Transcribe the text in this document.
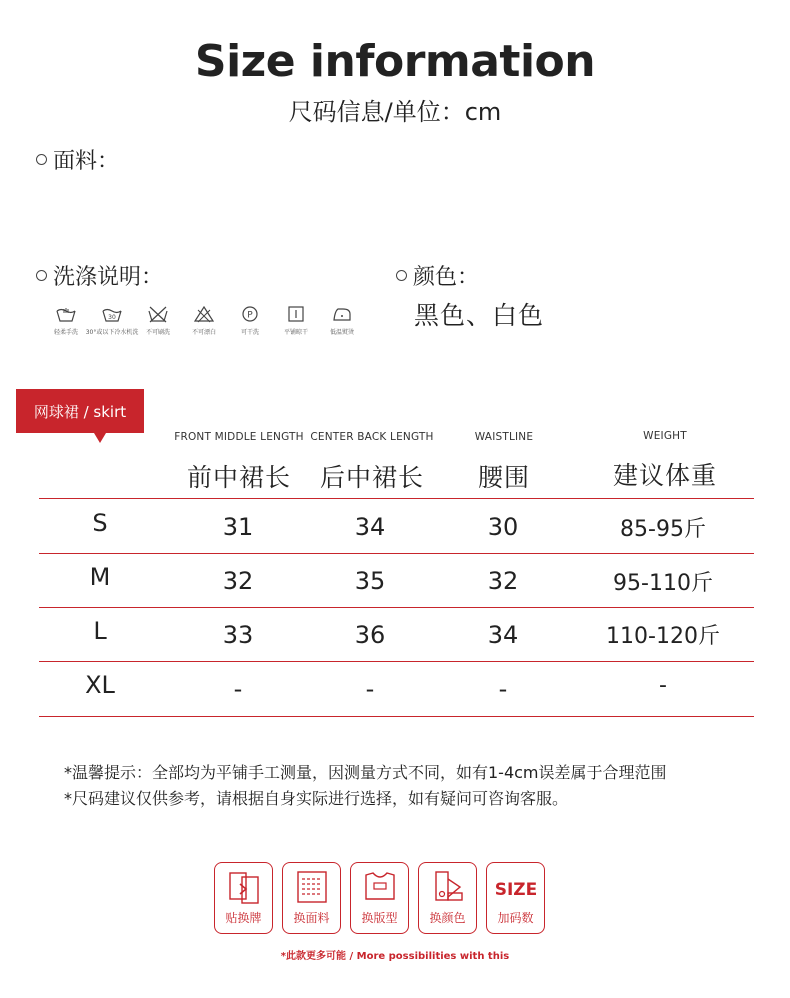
Size information
尺码信息/单位：cm
面料：
洗涤说明：
轻柔手洗
30
30°或以下冷水机洗 不可刷洗	不可漂白
P
可干洗	平铺晾干	低温熨烫
颜色：
黑色、白色
网球裙 / skirt
FRONT MIDDLE LENGTH
前中裙长
CENTER BACK LENGTH
后中裙长
WAISTLINE
腰围
WEIGHT
建议体重
S	31	34	30	85-95斤
M	32	35	32	95-110斤
L	33	36	34	110-120斤
XL	-	-	-	-
*温馨提示：全部均为平铺手工测量，因测量方式不同，如有1-4cm误差属于合理范围
*尺码建议仅供参考，请根据自身实际进行选择，如有疑问可咨询客服。
贴换牌	换面料	换版型	换颜色
SIZE
加码数
*此款更多可能 / More possibilities with this
